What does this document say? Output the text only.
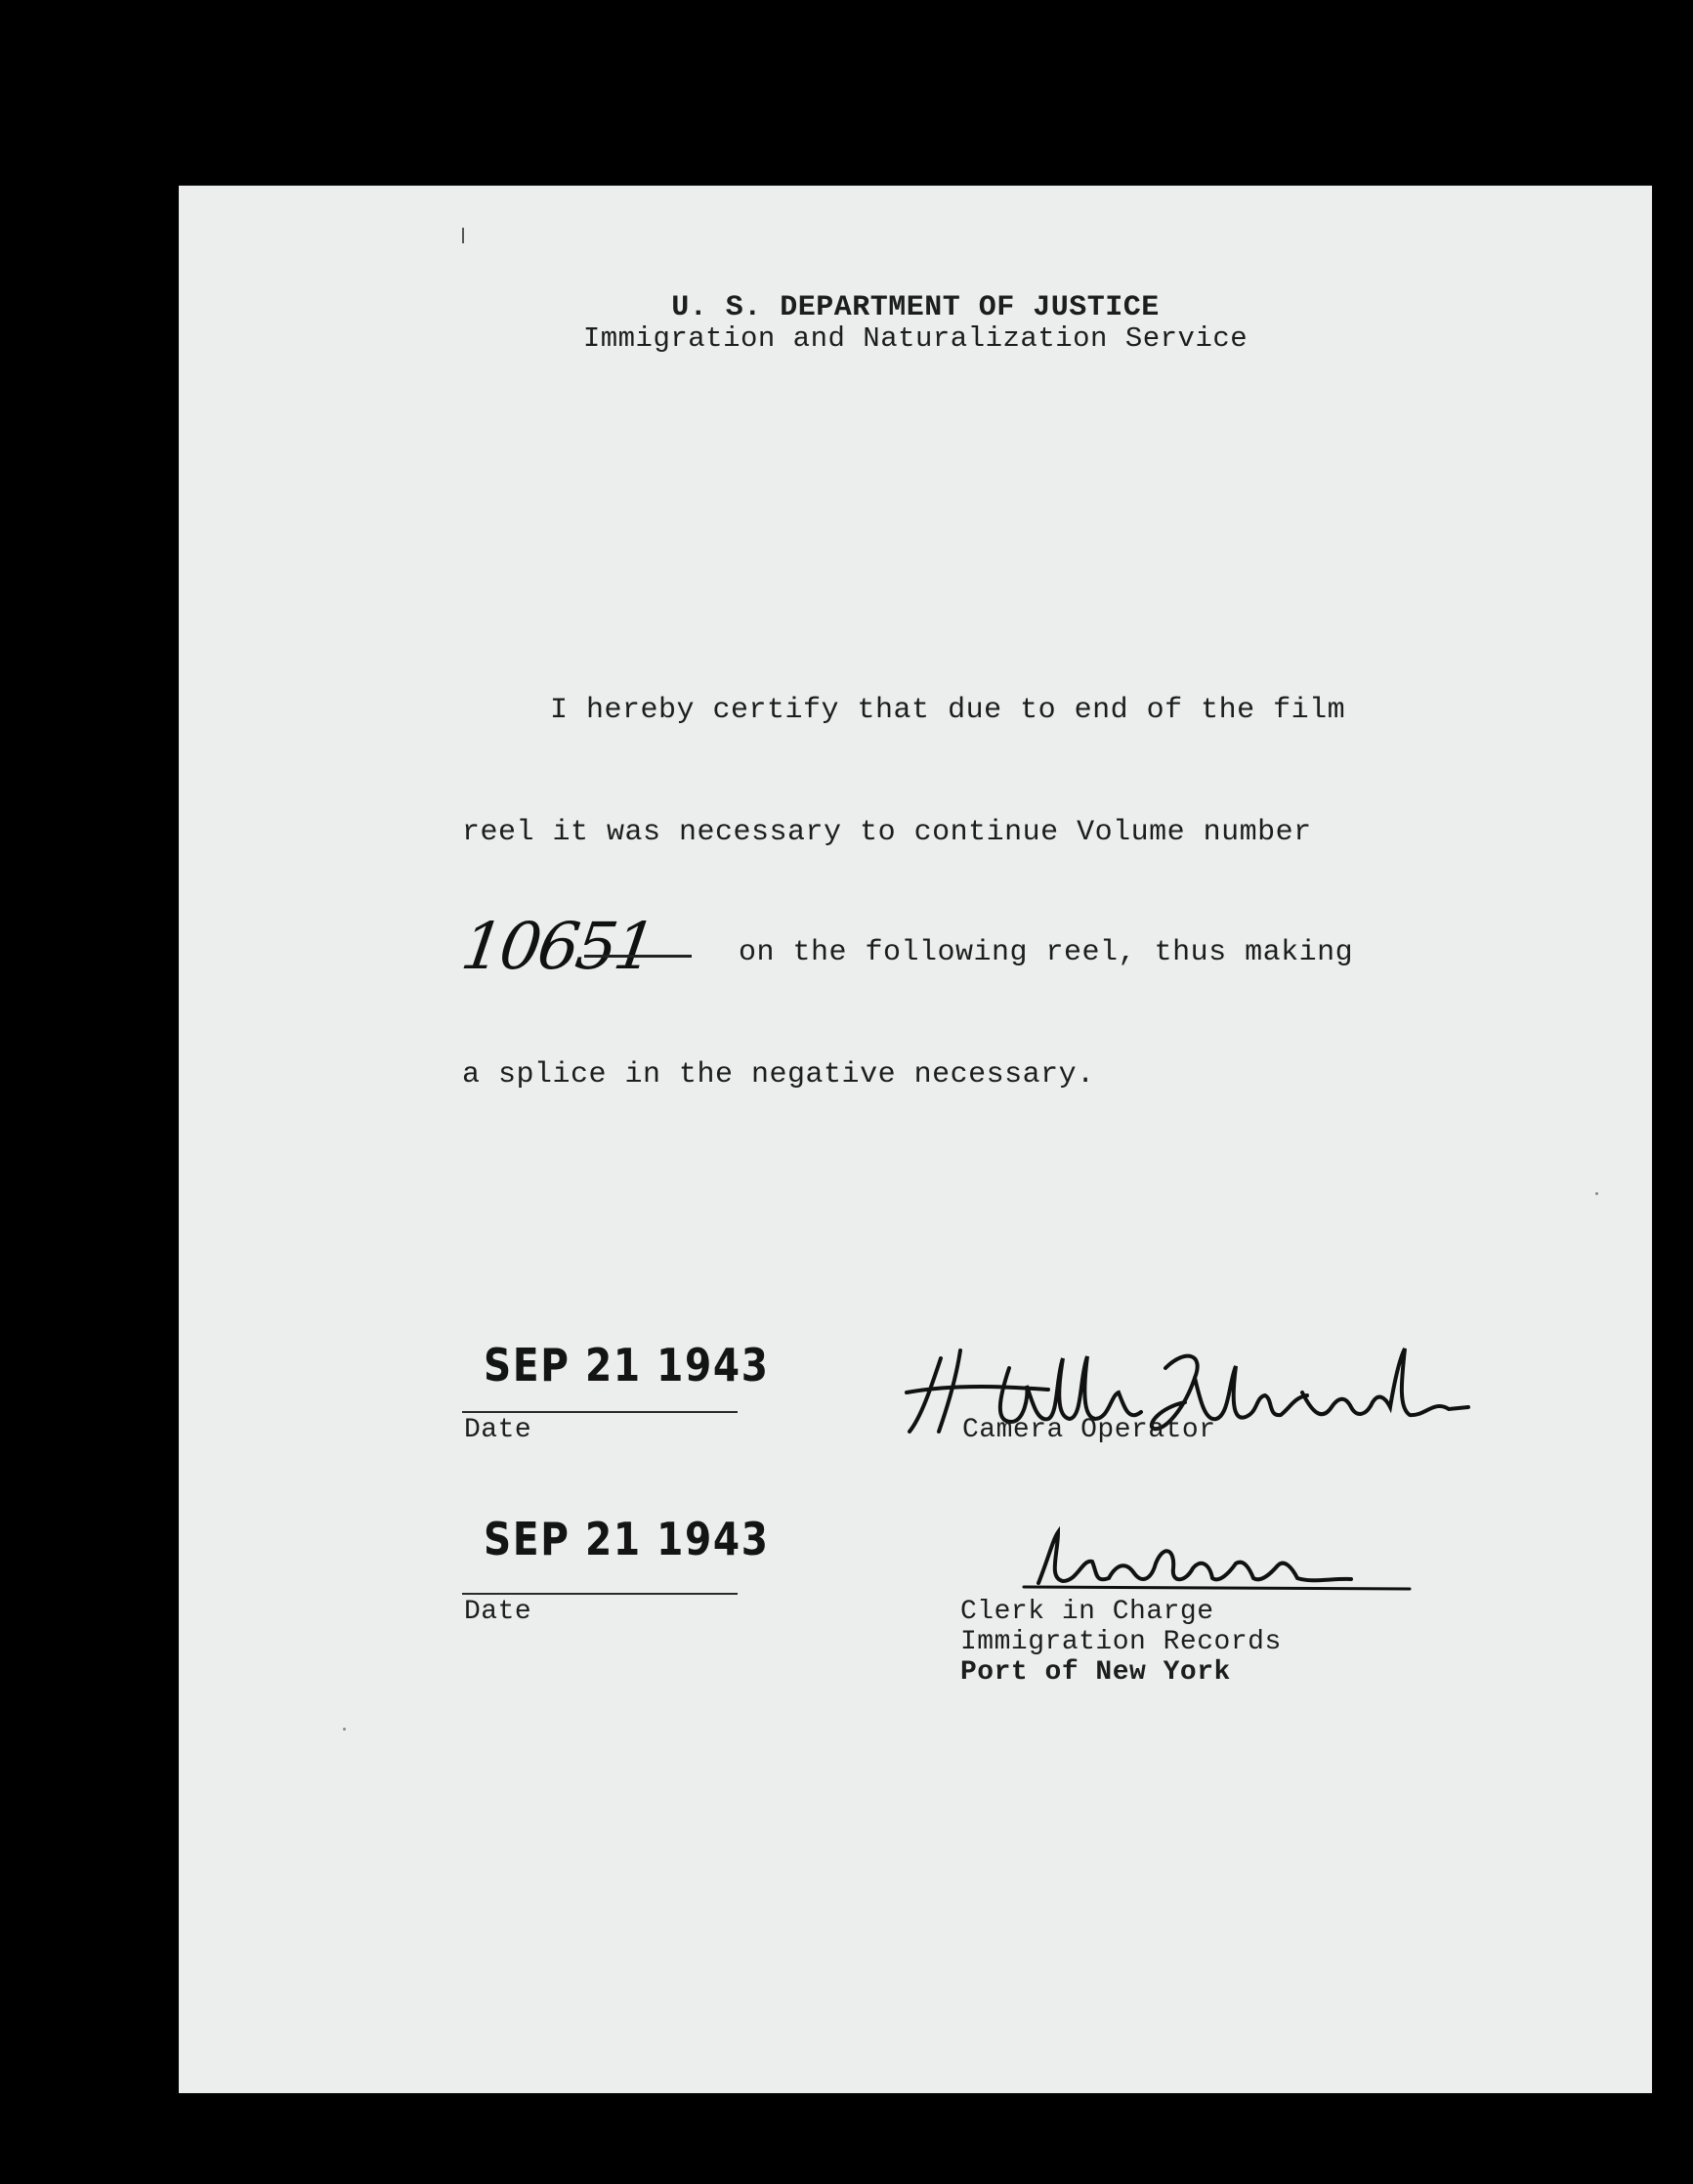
U. S. DEPARTMENT OF JUSTICE
Immigration and Naturalization Service
I hereby certify that due to end of the film
reel it was necessary to continue Volume number
10651	on the following reel, thus making
a splice in the negative necessary.
SEP 21 1943
Date	Camera Operator
SEP 21 1943
Date	Clerk in Charge
Immigration Records
Port of New York
